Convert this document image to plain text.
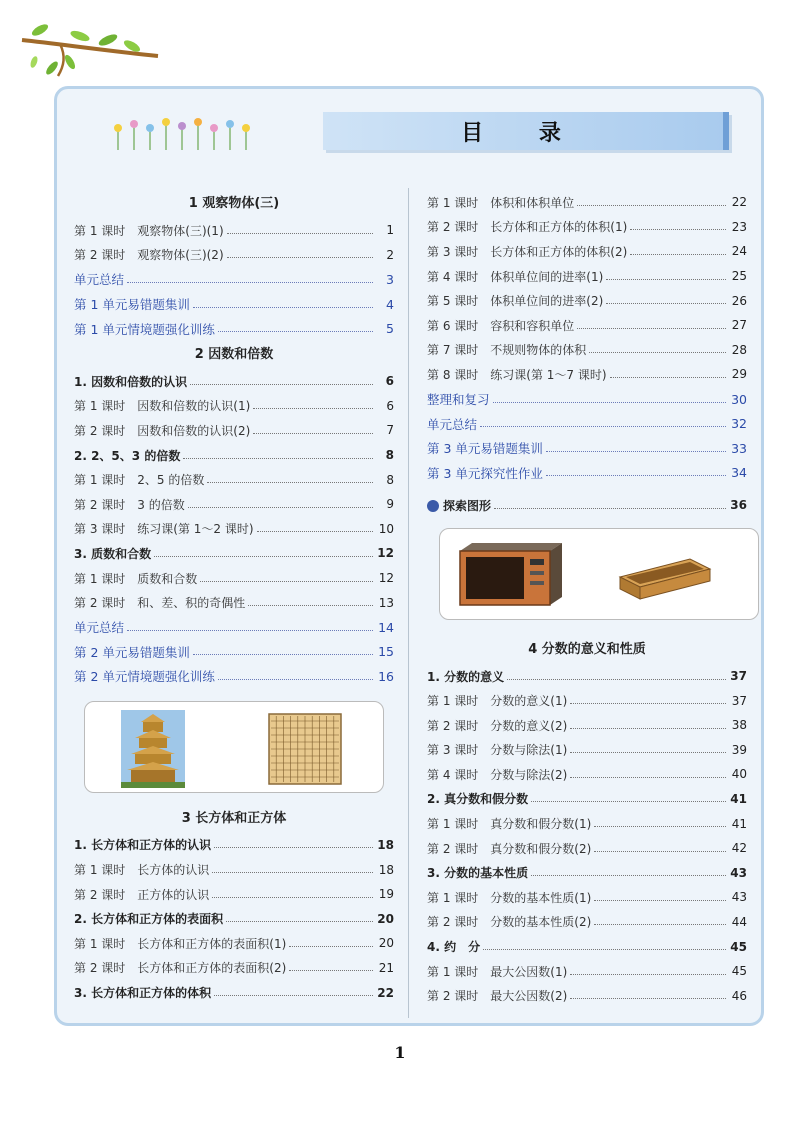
目 录
1 观察物体(三)
第 1 课时　观察物体(三)(1)	1
第 2 课时　观察物体(三)(2)	2
单元总结	3
第 1 单元易错题集训	4
第 1 单元情境题强化训练	5
2 因数和倍数
1. 因数和倍数的认识	6
第 1 课时　因数和倍数的认识(1)	6
第 2 课时　因数和倍数的认识(2)	7
2. 2、5、3 的倍数	8
第 1 课时　2、5 的倍数	8
第 2 课时　3 的倍数	9
第 3 课时　练习课(第 1～2 课时)	10
3. 质数和合数	12
第 1 课时　质数和合数	12
第 2 课时　和、差、积的奇偶性	13
单元总结	14
第 2 单元易错题集训	15
第 2 单元情境题强化训练	16
3 长方体和正方体
1. 长方体和正方体的认识	18
第 1 课时　长方体的认识	18
第 2 课时　正方体的认识	19
2. 长方体和正方体的表面积	20
第 1 课时　长方体和正方体的表面积(1)	20
第 2 课时　长方体和正方体的表面积(2)	21
3. 长方体和正方体的体积	22
第 1 课时　体积和体积单位	22
第 2 课时　长方体和正方体的体积(1)	23
第 3 课时　长方体和正方体的体积(2)	24
第 4 课时　体积单位间的进率(1)	25
第 5 课时　体积单位间的进率(2)	26
第 6 课时　容积和容积单位	27
第 7 课时　不规则物体的体积	28
第 8 课时　练习课(第 1～7 课时)	29
整理和复习	30
单元总结	32
第 3 单元易错题集训	33
第 3 单元探究性作业	34
探索图形	36
4 分数的意义和性质
1. 分数的意义	37
第 1 课时　分数的意义(1)	37
第 2 课时　分数的意义(2)	38
第 3 课时　分数与除法(1)	39
第 4 课时　分数与除法(2)	40
2. 真分数和假分数	41
第 1 课时　真分数和假分数(1)	41
第 2 课时　真分数和假分数(2)	42
3. 分数的基本性质	43
第 1 课时　分数的基本性质(1)	43
第 2 课时　分数的基本性质(2)	44
4. 约　分	45
第 1 课时　最大公因数(1)	45
第 2 课时　最大公因数(2)	46
1
